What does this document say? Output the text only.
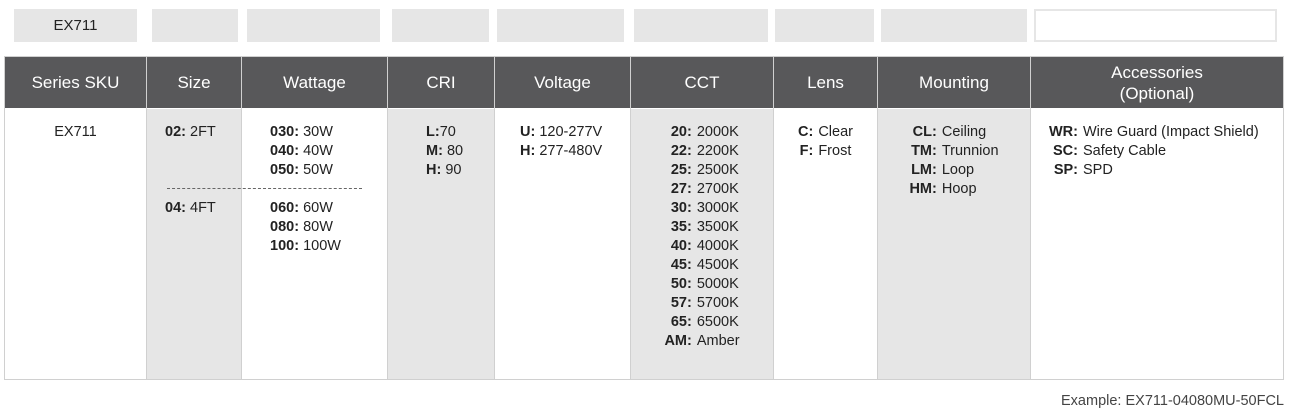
EX711
Series SKU
EX711
Size
02: 2FT
04: 4FT
Wattage
030: 30W
040: 40W
050: 50W
060: 60W
080: 80W
100: 100W
CRI
L:70
M: 80
H: 90
Voltage
U: 120-277V
H: 277-480V
CCT
20: 2000K
22: 2200K
25: 2500K
27: 2700K
30: 3000K
35: 3500K
40: 4000K
45: 4500K
50: 5000K
57: 5700K
65: 6500K
AM: Amber
Lens
C: Clear
F: Frost
Mounting
CL: Ceiling
TM: Trunnion
LM: Loop
HM: Hoop
Accessories
(Optional)
WR: Wire Guard (Impact Shield)
SC: Safety Cable
SP: SPD
Example: EX711-04080MU-50FCL
